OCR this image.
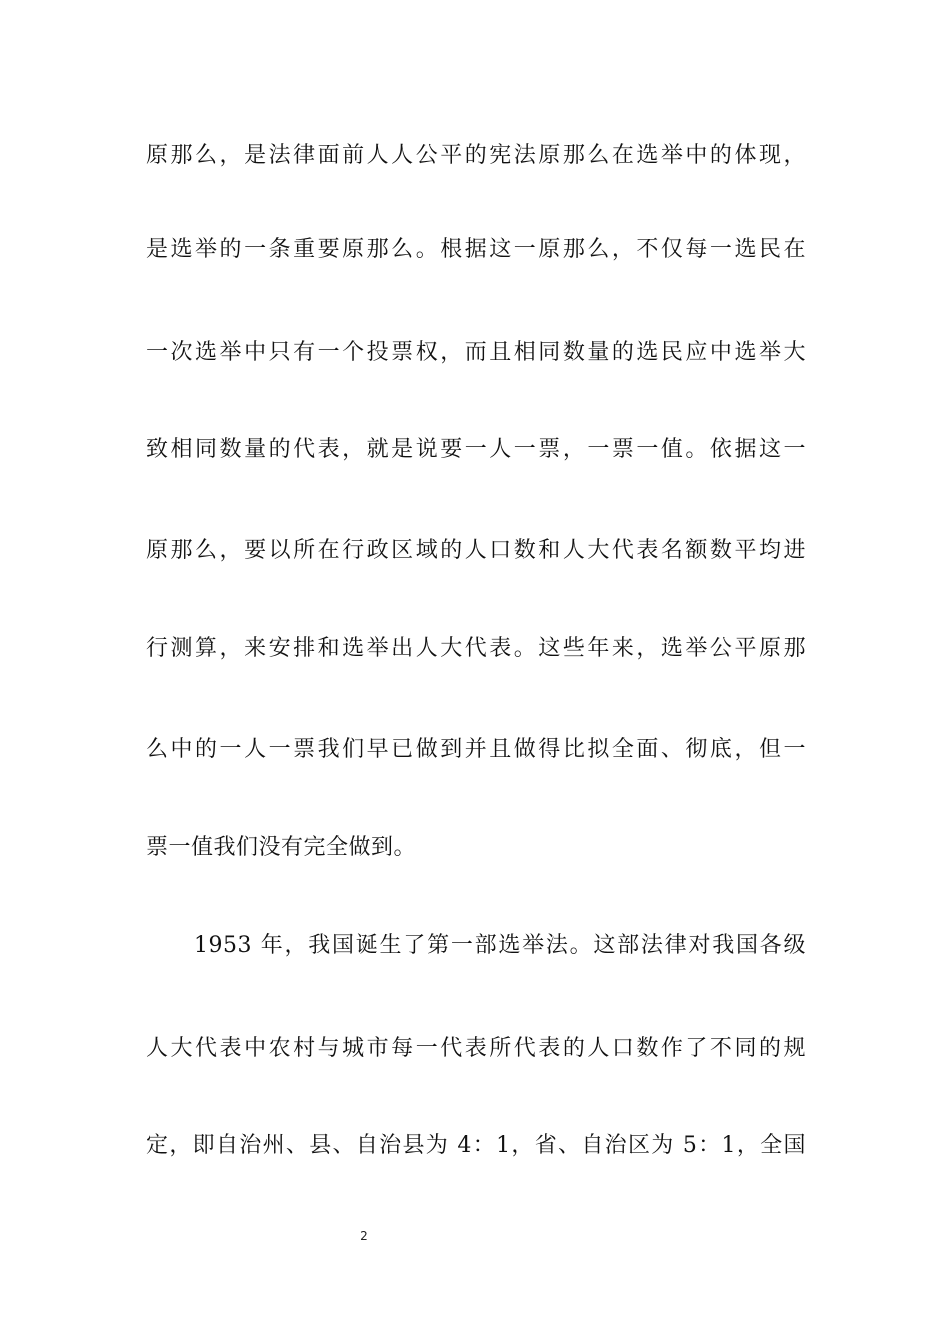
原那么，是法律面前人人公平的宪法原那么在选举中的体现，

是选举的一条重要原那么。根据这一原那么，不仅每一选民在

一次选举中只有一个投票权，而且相同数量的选民应中选举大

致相同数量的代表，就是说要一人一票，一票一值。依据这一

原那么，要以所在行政区域的人口数和人大代表名额数平均进

行测算，来安排和选举出人大代表。这些年来，选举公平原那

么中的一人一票我们早已做到并且做得比拟全面、彻底，但一

票一值我们没有完全做到。

1953 年，我国诞生了第一部选举法。这部法律对我国各级

人大代表中农村与城市每一代表所代表的人口数作了不同的规

定，即自治州、县、自治县为 4：1，省、自治区为 5：1，全国

2
